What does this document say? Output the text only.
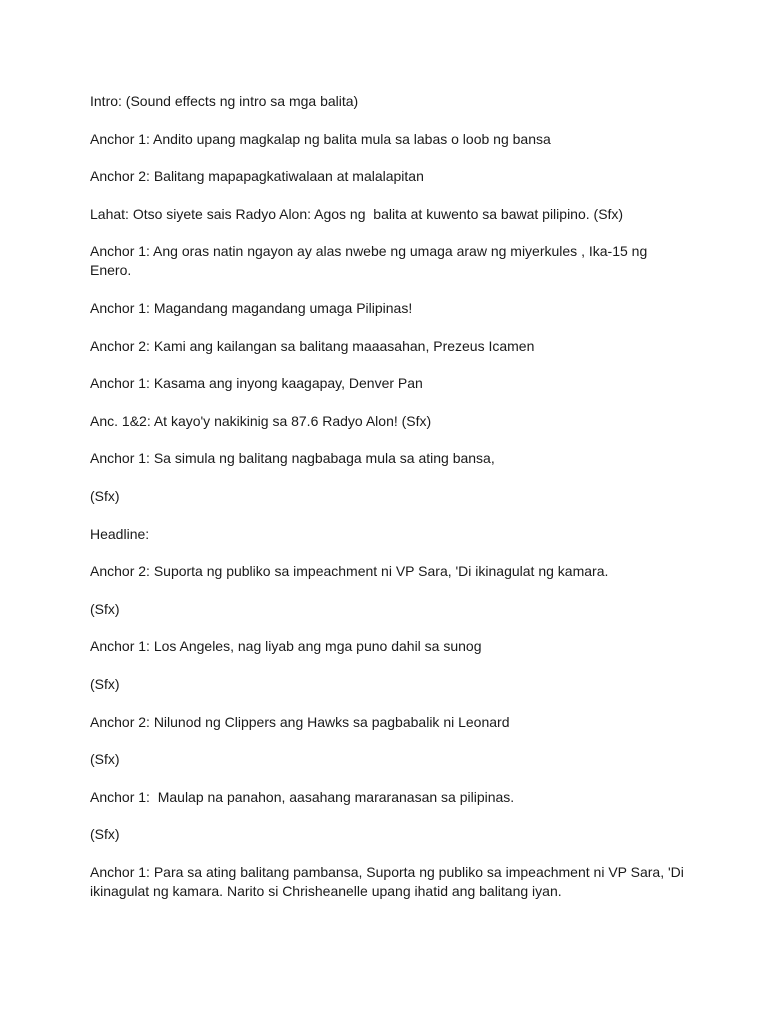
Intro: (Sound effects ng intro sa mga balita)

Anchor 1: Andito upang magkalap ng balita mula sa labas o loob ng bansa

Anchor 2: Balitang mapapagkatiwalaan at malalapitan

Lahat: Otso siyete sais Radyo Alon: Agos ng  balita at kuwento sa bawat pilipino. (Sfx)

Anchor 1: Ang oras natin ngayon ay alas nwebe ng umaga araw ng miyerkules , Ika-15 ng Enero.

Anchor 1: Magandang magandang umaga Pilipinas!

Anchor 2: Kami ang kailangan sa balitang maaasahan, Prezeus Icamen

Anchor 1: Kasama ang inyong kaagapay, Denver Pan

Anc. 1&2: At kayo'y nakikinig sa 87.6 Radyo Alon! (Sfx)

Anchor 1: Sa simula ng balitang nagbabaga mula sa ating bansa,

(Sfx)

Headline:

Anchor 2: Suporta ng publiko sa impeachment ni VP Sara, 'Di ikinagulat ng kamara.

(Sfx)

Anchor 1: Los Angeles, nag liyab ang mga puno dahil sa sunog

(Sfx)

Anchor 2: Nilunod ng Clippers ang Hawks sa pagbabalik ni Leonard

(Sfx)

Anchor 1:  Maulap na panahon, aasahang mararanasan sa pilipinas.

(Sfx)

Anchor 1: Para sa ating balitang pambansa, Suporta ng publiko sa impeachment ni VP Sara, 'Di ikinagulat ng kamara. Narito si Chrisheanelle upang ihatid ang balitang iyan.
